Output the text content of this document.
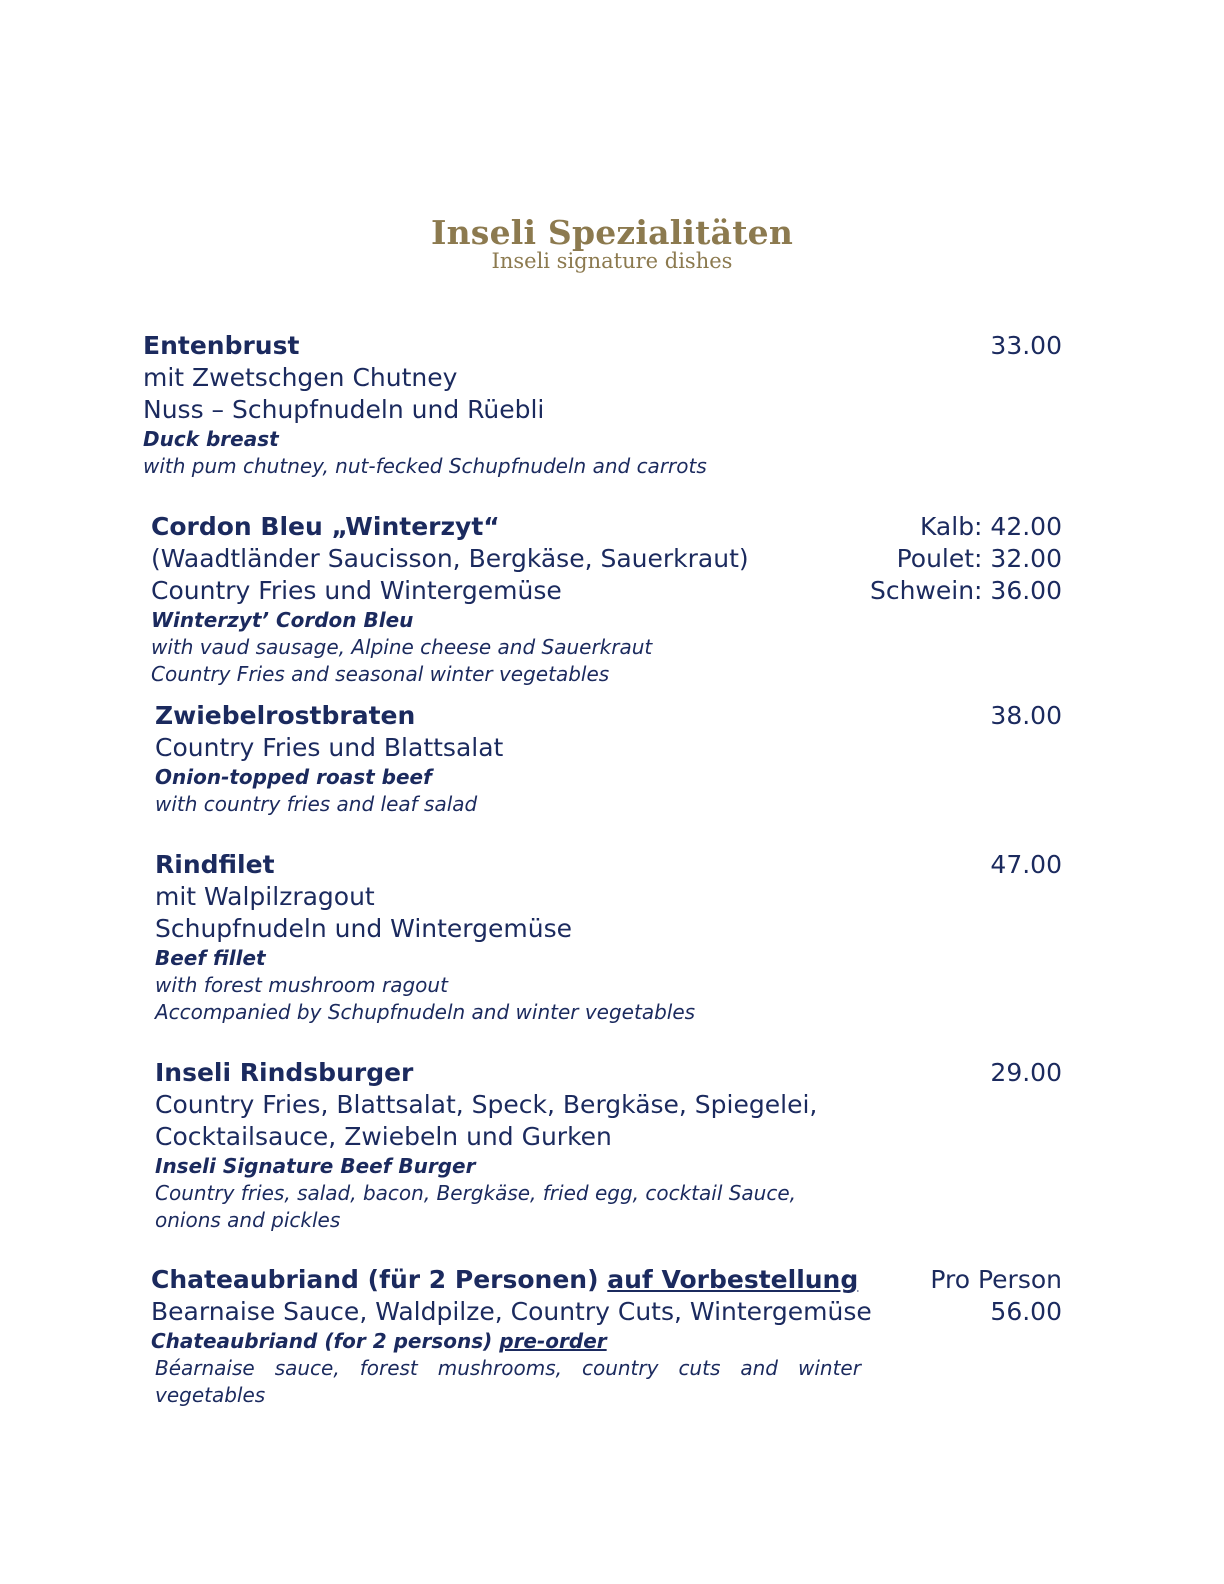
Inseli Spezialitäten
Inseli signature dishes
Entenbrust
mit Zwetschgen Chutney
Nuss – Schupfnudeln und Rüebli
Duck breast
with pum chutney, nut-fecked Schupfnudeln and carrots
33.00
Cordon Bleu „Winterzyt“
(Waadtländer Saucisson, Bergkäse, Sauerkraut)
Country Fries und Wintergemüse
Winterzyt’ Cordon Bleu
with vaud sausage, Alpine cheese and Sauerkraut
Country Fries and seasonal winter vegetables
Kalb: 42.00
Poulet: 32.00
Schwein: 36.00
Zwiebelrostbraten
Country Fries und Blattsalat
Onion-topped roast beef
with country fries and leaf salad
38.00
Rindfilet
mit Walpilzragout
Schupfnudeln und Wintergemüse
Beef fillet
with forest mushroom ragout
Accompanied by Schupfnudeln and winter vegetables
47.00
Inseli Rindsburger
Country Fries, Blattsalat, Speck, Bergkäse, Spiegelei,
Cocktailsauce, Zwiebeln und Gurken
Inseli Signature Beef Burger
Country fries, salad, bacon, Bergkäse, fried egg, cocktail Sauce,
onions and pickles
29.00
Chateaubriand (für 2 Personen) auf Vorbestellung
Bearnaise Sauce, Waldpilze, Country Cuts, Wintergemüse
Chateaubriand (for 2 persons) pre-order
Béarnaise sauce, forest mushrooms, country cuts and winter
vegetables
Pro Person
56.00
